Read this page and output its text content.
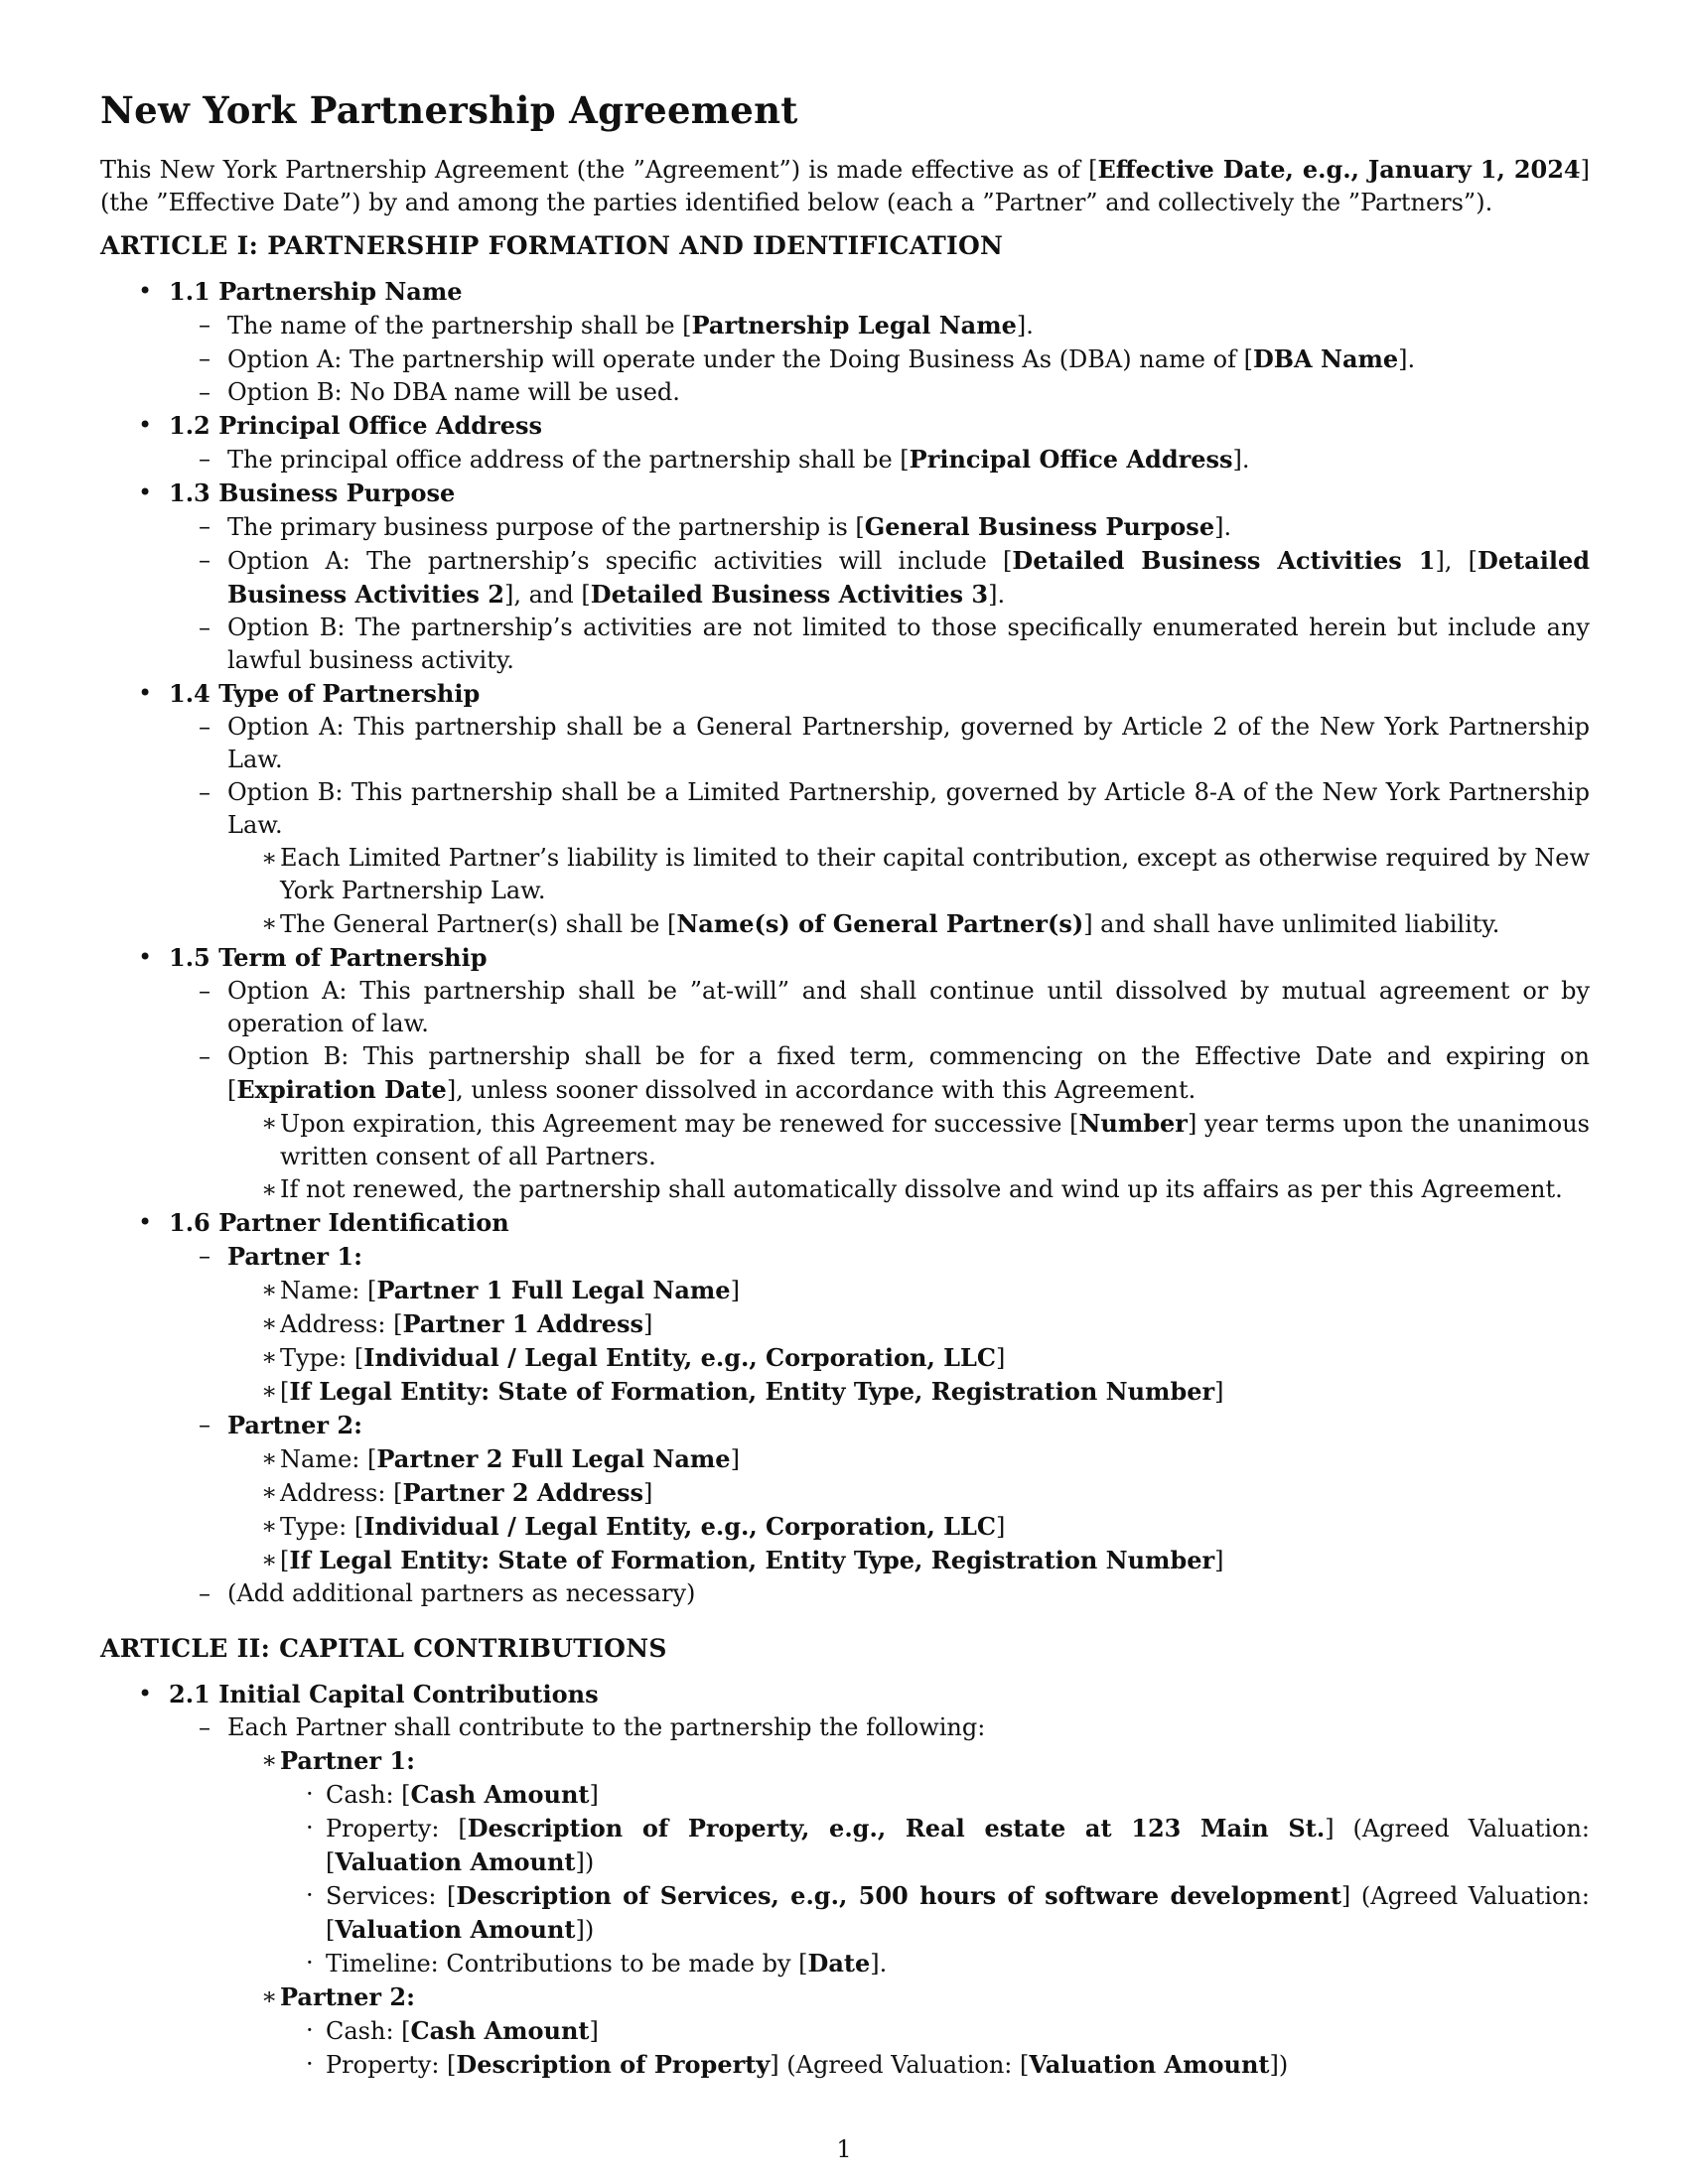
New York Partnership Agreement

This New York Partnership Agreement (the ”Agreement”) is made effective as of [Effective Date, e.g., January 1, 2024] (the ”Effective Date”) by and among the parties identified below (each a ”Partner” and collectively the ”Partners”).

ARTICLE I: PARTNERSHIP FORMATION AND IDENTIFICATION
• 1.1 Partnership Name
– The name of the partnership shall be [Partnership Legal Name].
– Option A: The partnership will operate under the Doing Business As (DBA) name of [DBA Name].
– Option B: No DBA name will be used.
• 1.2 Principal Office Address
– The principal office address of the partnership shall be [Principal Office Address].
• 1.3 Business Purpose
– The primary business purpose of the partnership is [General Business Purpose].
– Option A: The partnership’s specific activities will include [Detailed Business Activities 1], [Detailed Business Activities 2], and [Detailed Business Activities 3].
– Option B: The partnership’s activities are not limited to those specifically enumerated herein but include any lawful business activity.
• 1.4 Type of Partnership
– Option A: This partnership shall be a General Partnership, governed by Article 2 of the New York Partnership Law.
– Option B: This partnership shall be a Limited Partnership, governed by Article 8-A of the New York Partnership Law.
∗ Each Limited Partner’s liability is limited to their capital contribution, except as otherwise required by New York Partnership Law.
∗ The General Partner(s) shall be [Name(s) of General Partner(s)] and shall have unlimited liability.
• 1.5 Term of Partnership
– Option A: This partnership shall be ”at-will” and shall continue until dissolved by mutual agreement or by operation of law.
– Option B: This partnership shall be for a fixed term, commencing on the Effective Date and expiring on [Expiration Date], unless sooner dissolved in accordance with this Agreement.
∗ Upon expiration, this Agreement may be renewed for successive [Number] year terms upon the unanimous written consent of all Partners.
∗ If not renewed, the partnership shall automatically dissolve and wind up its affairs as per this Agreement.
• 1.6 Partner Identification
– Partner 1:
∗ Name: [Partner 1 Full Legal Name]
∗ Address: [Partner 1 Address]
∗ Type: [Individual / Legal Entity, e.g., Corporation, LLC]
∗ [If Legal Entity: State of Formation, Entity Type, Registration Number]
– Partner 2:
∗ Name: [Partner 2 Full Legal Name]
∗ Address: [Partner 2 Address]
∗ Type: [Individual / Legal Entity, e.g., Corporation, LLC]
∗ [If Legal Entity: State of Formation, Entity Type, Registration Number]
– (Add additional partners as necessary)
ARTICLE II: CAPITAL CONTRIBUTIONS
• 2.1 Initial Capital Contributions
– Each Partner shall contribute to the partnership the following:
∗ Partner 1:
· Cash: [Cash Amount]
· Property: [Description of Property, e.g., Real estate at 123 Main St.] (Agreed Valuation: [Valuation Amount])
· Services: [Description of Services, e.g., 500 hours of software development] (Agreed Valuation: [Valuation Amount])
· Timeline: Contributions to be made by [Date].
∗ Partner 2:
· Cash: [Cash Amount]
· Property: [Description of Property] (Agreed Valuation: [Valuation Amount])
1
